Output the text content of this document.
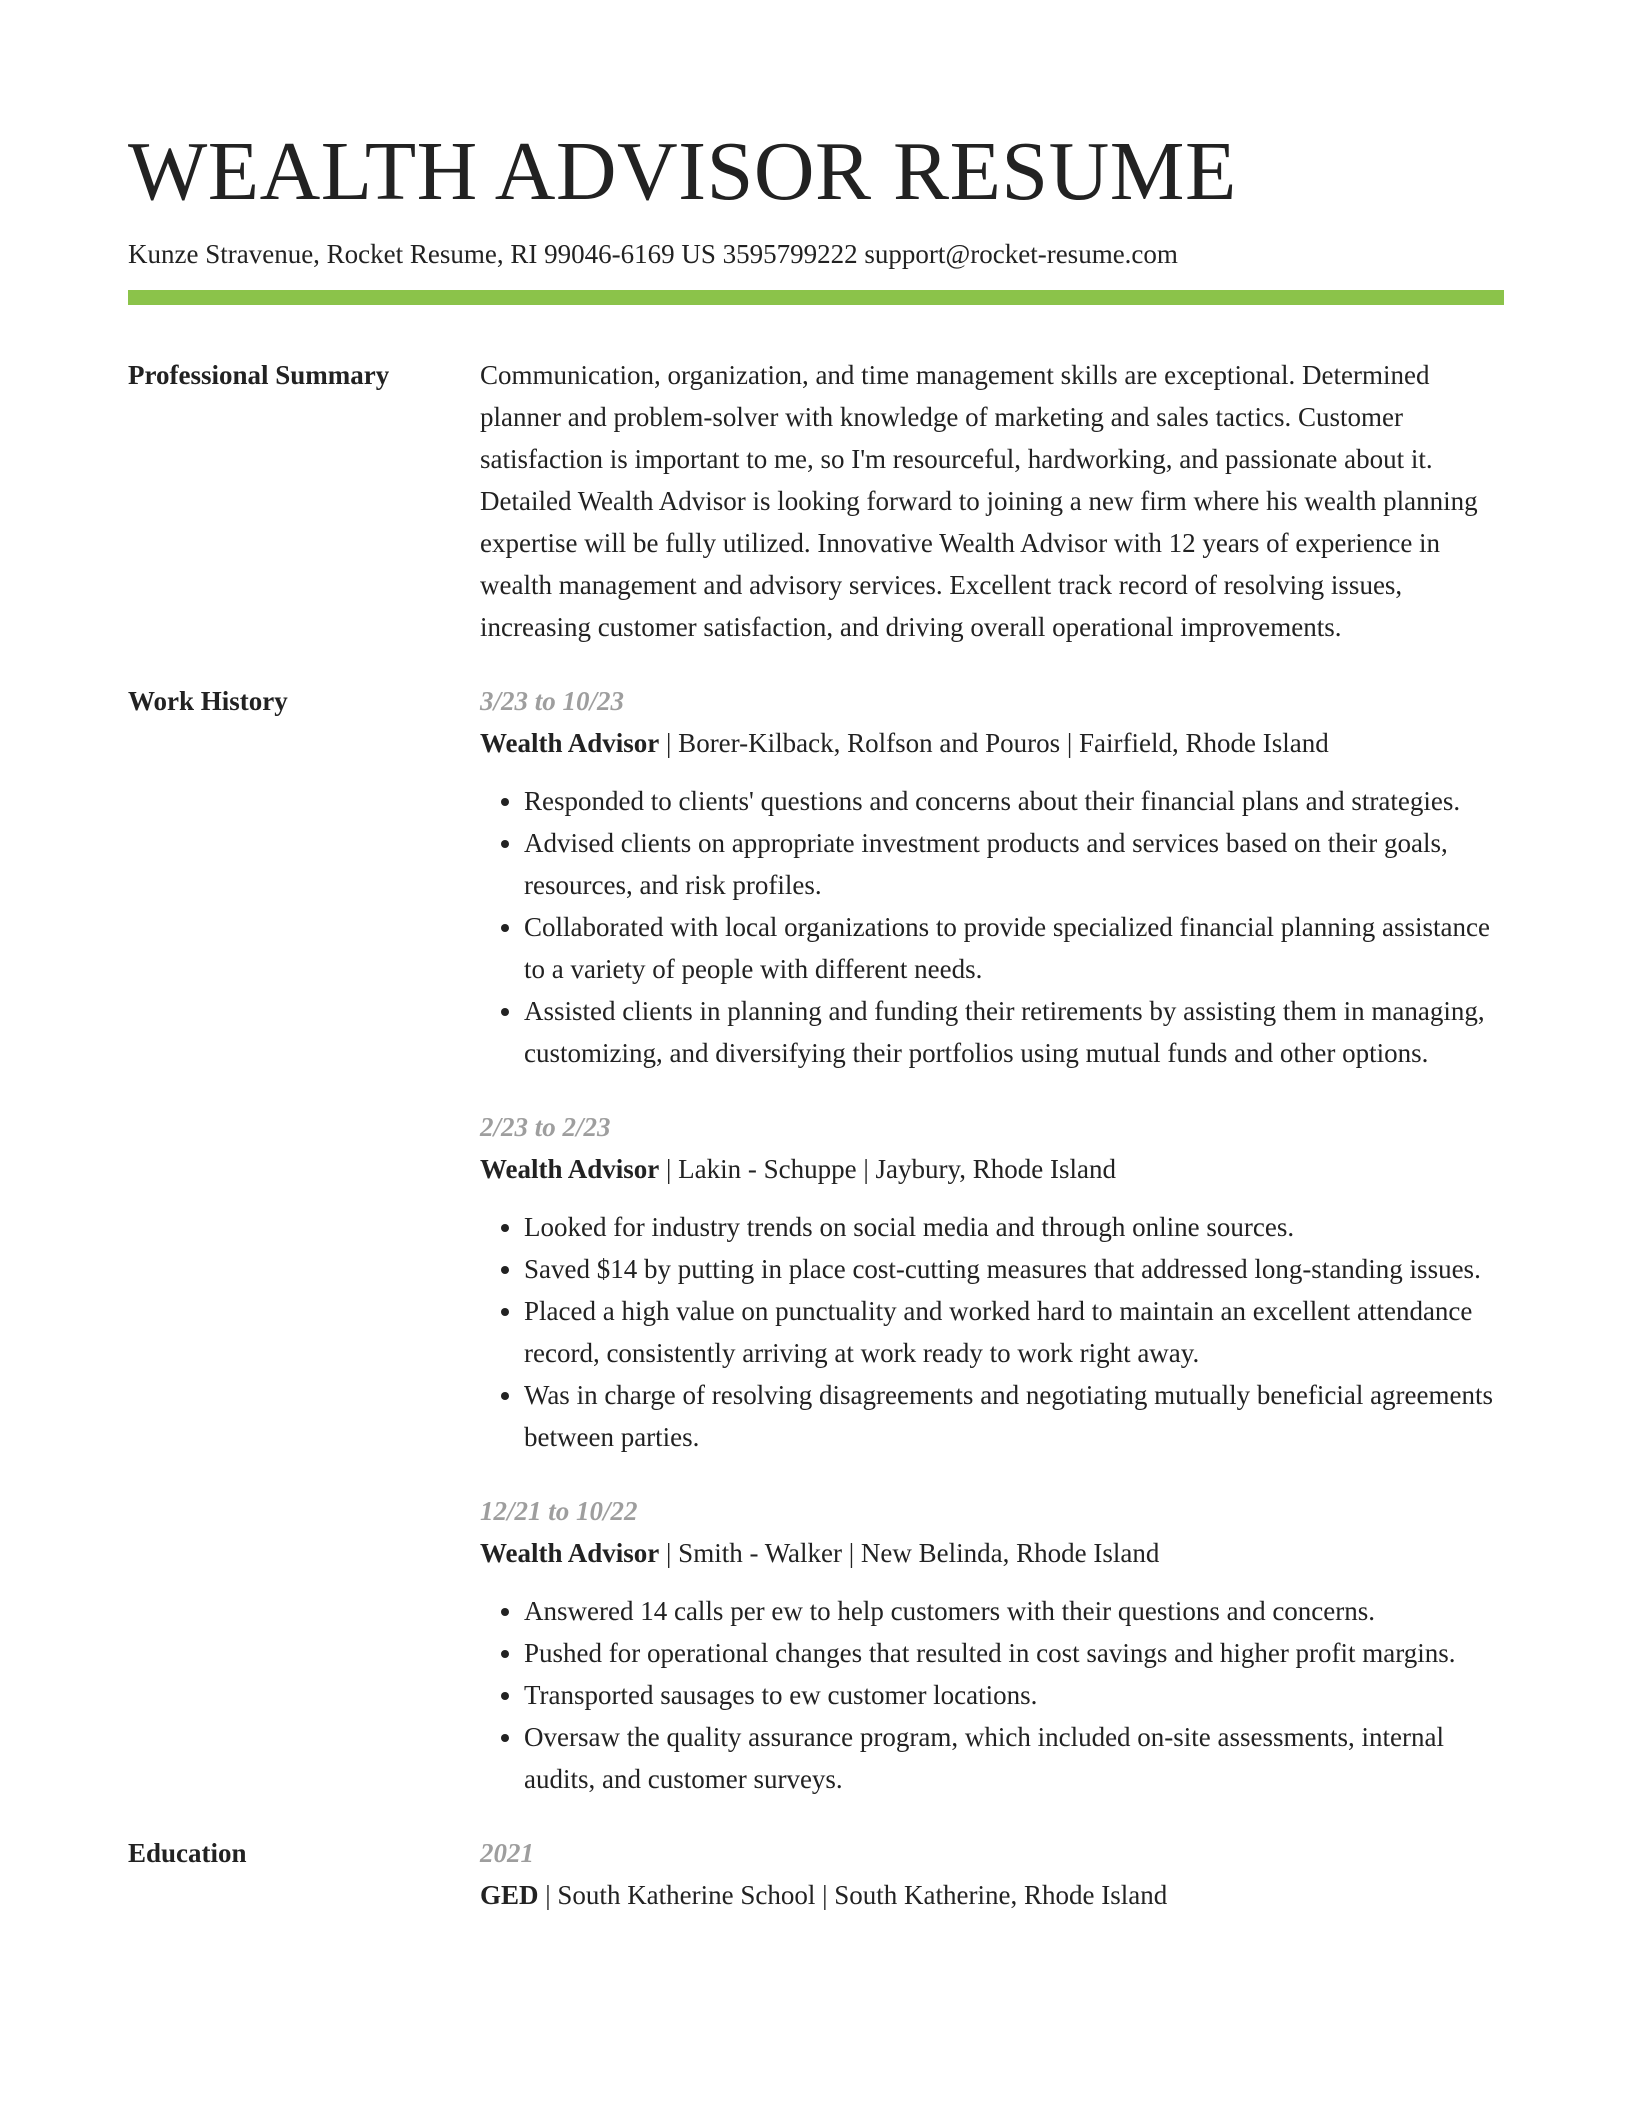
WEALTH ADVISOR RESUME
Kunze Stravenue, Rocket Resume, RI 99046-6169 US 3595799222 support@rocket-resume.com
Professional Summary	Communication, organization, and time management skills are exceptional. Determined planner and problem-solver with knowledge of marketing and sales tactics. Customer satisfaction is important to me, so I'm resourceful, hardworking, and passionate about it. Detailed Wealth Advisor is looking forward to joining a new firm where his wealth planning expertise will be fully utilized. Innovative Wealth Advisor with 12 years of experience in wealth management and advisory services. Excellent track record of resolving issues, increasing customer satisfaction, and driving overall operational improvements.

Work History	3/23 to 10/23
Wealth Advisor | Borer-Kilback, Rolfson and Pouros | Fairfield, Rhode Island
• Responded to clients' questions and concerns about their financial plans and strategies.
• Advised clients on appropriate investment products and services based on their goals, resources, and risk profiles.
• Collaborated with local organizations to provide specialized financial planning assistance to a variety of people with different needs.
• Assisted clients in planning and funding their retirements by assisting them in managing, customizing, and diversifying their portfolios using mutual funds and other options.
2/23 to 2/23
Wealth Advisor | Lakin - Schuppe | Jaybury, Rhode Island
• Looked for industry trends on social media and through online sources.
• Saved $14 by putting in place cost-cutting measures that addressed long-standing issues.
• Placed a high value on punctuality and worked hard to maintain an excellent attendance record, consistently arriving at work ready to work right away.
• Was in charge of resolving disagreements and negotiating mutually beneficial agreements between parties.
12/21 to 10/22
Wealth Advisor | Smith - Walker | New Belinda, Rhode Island
• Answered 14 calls per ew to help customers with their questions and concerns.
• Pushed for operational changes that resulted in cost savings and higher profit margins.
• Transported sausages to ew customer locations.
• Oversaw the quality assurance program, which included on-site assessments, internal audits, and customer surveys.
Education	2021
GED | South Katherine School | South Katherine, Rhode Island
